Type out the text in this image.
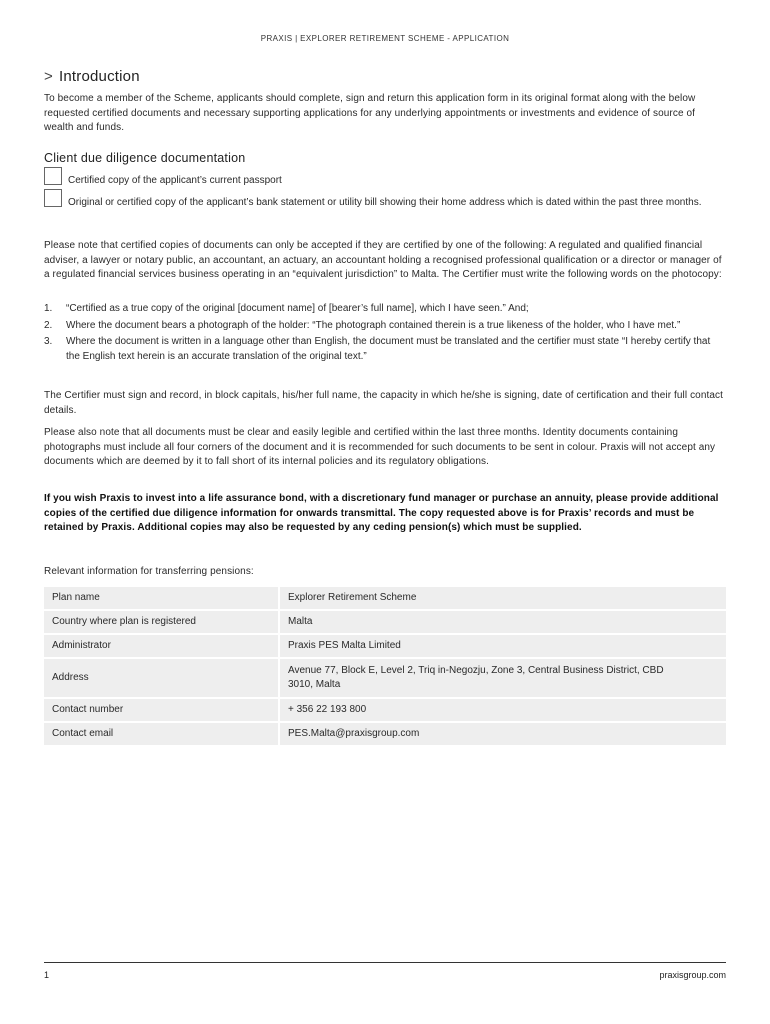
PRAXIS | EXPLORER RETIREMENT SCHEME - APPLICATION
> Introduction
To become a member of the Scheme, applicants should complete, sign and return this application form in its original format along with the below requested certified documents and necessary supporting applications for any underlying appointments or investments and evidence of source of wealth and funds.
Client due diligence documentation
Certified copy of the applicant’s current passport
Original or certified copy of the applicant’s bank statement or utility bill showing their home address which is dated within the past three months.
Please note that certified copies of documents can only be accepted if they are certified by one of the following: A regulated and qualified financial adviser, a lawyer or notary public, an accountant, an actuary, an accountant holding a recognised professional qualification or a director or manager of a regulated financial services business operating in an “equivalent jurisdiction” to Malta. The Certifier must write the following words on the photocopy:
1. “Certified as a true copy of the original [document name] of [bearer’s full name], which I have seen.” And;
2. Where the document bears a photograph of the holder: “The photograph contained therein is a true likeness of the holder, who I have met.”
3. Where the document is written in a language other than English, the document must be translated and the certifier must state “I hereby certify that the English text herein is an accurate translation of the original text.”
The Certifier must sign and record, in block capitals, his/her full name, the capacity in which he/she is signing, date of certification and their full contact details.
Please also note that all documents must be clear and easily legible and certified within the last three months. Identity documents containing photographs must include all four corners of the document and it is recommended for such documents to be sent in colour. Praxis will not accept any documents which are deemed by it to fall short of its internal policies and its regulatory obligations.
If you wish Praxis to invest into a life assurance bond, with a discretionary fund manager or purchase an annuity, please provide additional copies of the certified due diligence information for onwards transmittal. The copy requested above is for Praxis’ records and must be retained by Praxis. Additional copies may also be requested by any ceding pension(s) which must be supplied.
Relevant information for transferring pensions:
Plan name	Explorer Retirement Scheme
Country where plan is registered	Malta
Administrator	Praxis PES Malta Limited
Address	Avenue 77, Block E, Level 2, Triq in-Negozju, Zone 3, Central Business District, CBD 3010, Malta
Contact number	+ 356 22 193 800
Contact email	PES.Malta@praxisgroup.com
1	praxisgroup.com
